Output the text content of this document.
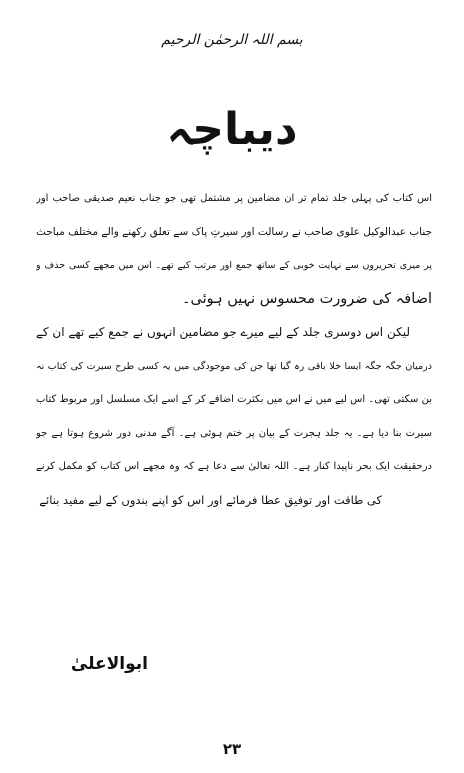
بسم اللہ الرحمٰن الرحیم
دیباچہ
اس کتاب کی پہلی جلد تمام تر ان مضامین پر مشتمل تھی جو جناب نعیم صدیقی صاحب اور
جناب عبدالوکیل علوی صاحب نے رسالت اور سیرتِ پاک سے تعلق رکھنے والے مختلف مباحث
پر میری تحریروں سے نہایت خوبی کے ساتھ جمع اور مرتب کیے تھے۔ اس میں مجھے کسی حذف و
اضافہ کی ضرورت محسوس نہیں ہوئی۔
لیکن اس دوسری جلد کے لیے میرے جو مضامین انہوں نے جمع کیے تھے ان کے
درمیان جگہ جگہ ایسا خلا باقی رہ گیا تھا جن کی موجودگی میں یہ کسی طرح سیرت کی کتاب نہ
بن سکتی تھی۔ اس لیے میں نے اس میں بکثرت اضافے کر کے اسے ایک مسلسل اور مربوط کتاب
سیرت بنا دیا ہے۔ یہ جلد ہجرت کے بیان پر ختم ہوئی ہے۔ آگے مدنی دور شروع ہوتا ہے جو
درحقیقت ایک بحر ناپیدا کنار ہے۔ اللہ تعالیٰ سے دعا ہے کہ وہ مجھے اس کتاب کو مکمل کرنے
کی طاقت اور توفیق عطا فرمائے اور اس کو اپنے بندوں کے لیے مفید بنائے
ابوالاعلیٰ
۲۳
